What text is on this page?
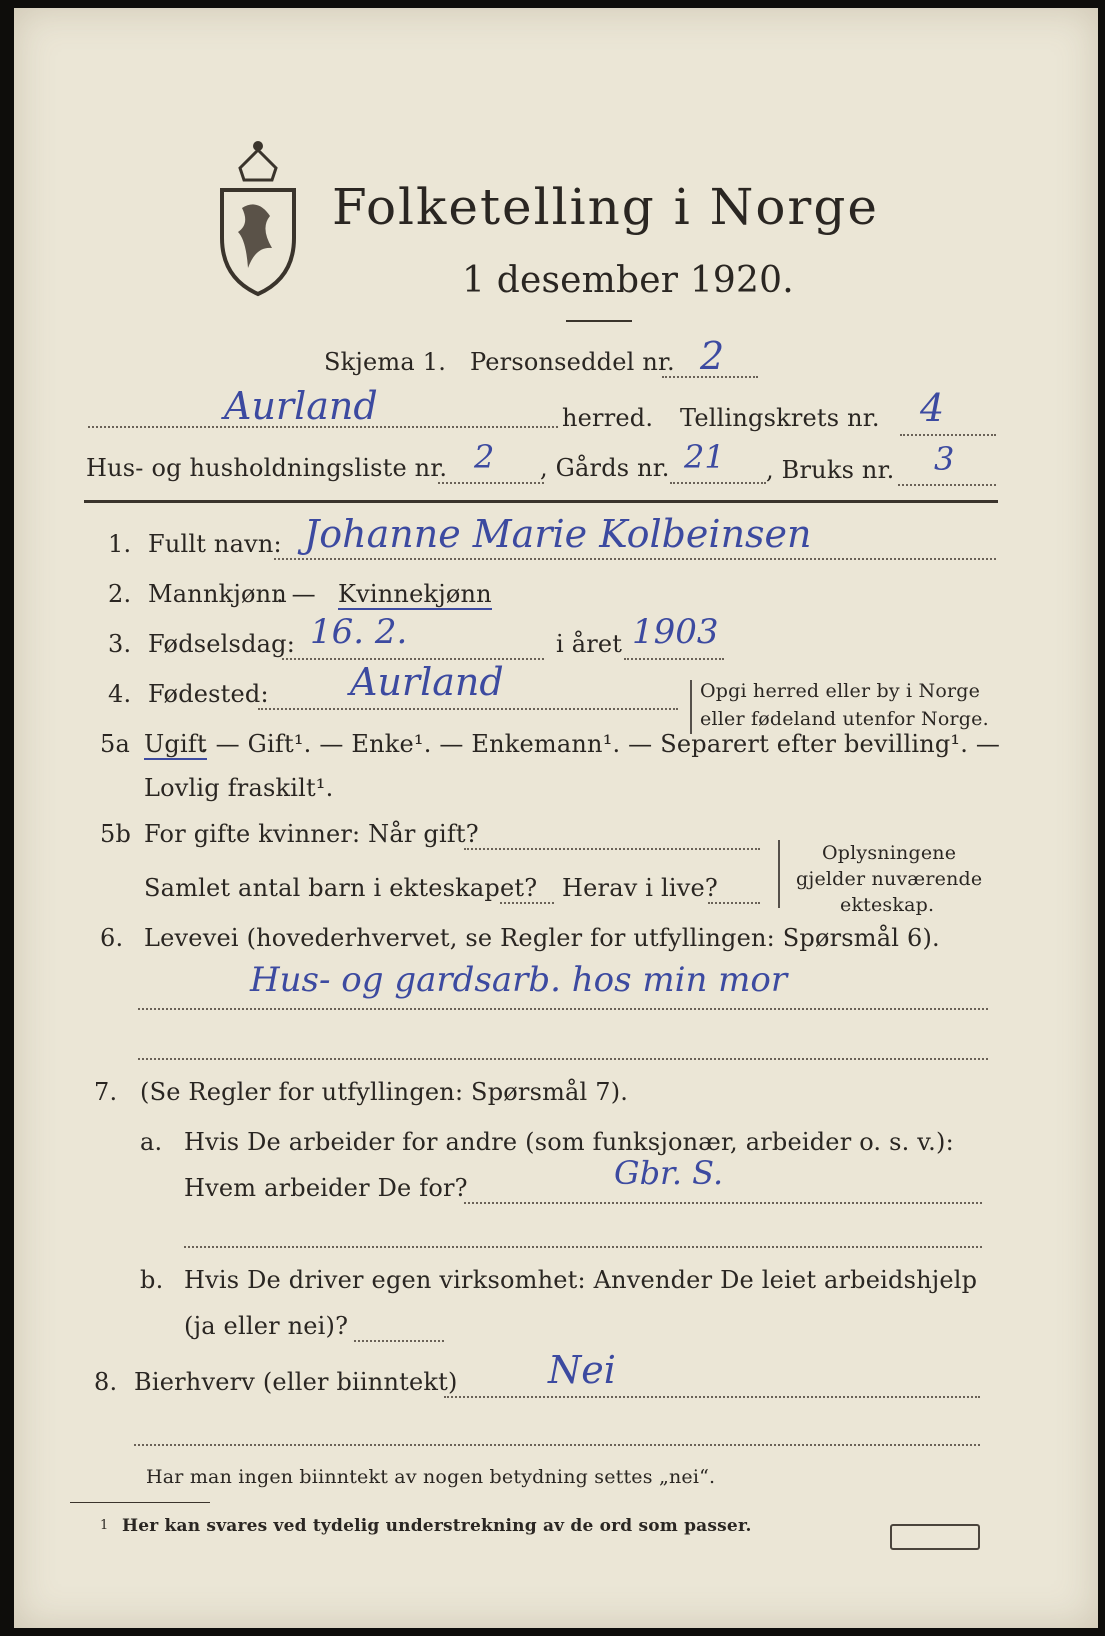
Folketelling i Norge
1 desember 1920.
Skjema 1. Personseddel nr. 2
Aurland	herred. Tellingskrets nr. 4
Hus- og husholdningsliste nr. 2 , Gårds nr. 21 , Bruks nr. 3
1. Fullt navn: Johanne Marie Kolbeinsen
2. Mannkjønn
. — Kvinnekjønn
3. Fødselsdag: 16. 2.	i året 1903
4. Fødested: Aurland	Opgi herred eller by i Norge
eller fødeland utenfor Norge.
5a Ugift
. — Gift¹. — Enke¹. — Enkemann¹. — Separert efter bevilling¹. —
Lovlig fraskilt¹.
5b For gifte kvinner: Når gift?
Samlet antal barn i ekteskapet? Herav i live?
Oplysningene
gjelder nuværende
ekteskap.
6. Levevei (hovederhvervet, se Regler for utfyllingen: Spørsmål 6).
Hus- og gardsarb. hos min mor
7. (Se Regler for utfyllingen: Spørsmål 7).
a. Hvis De arbeider for andre (som funksjonær, arbeider o. s. v.):
Hvem arbeider De for?	Gbr. S.
b. Hvis De driver egen virksomhet: Anvender De leiet arbeidshjelp
(ja eller nei)?
8. Bierhverv (eller biinntekt) Nei
Har man ingen biinntekt av nogen betydning settes „nei“.
1 Her kan svares ved tydelig understrekning av de ord som passer.
